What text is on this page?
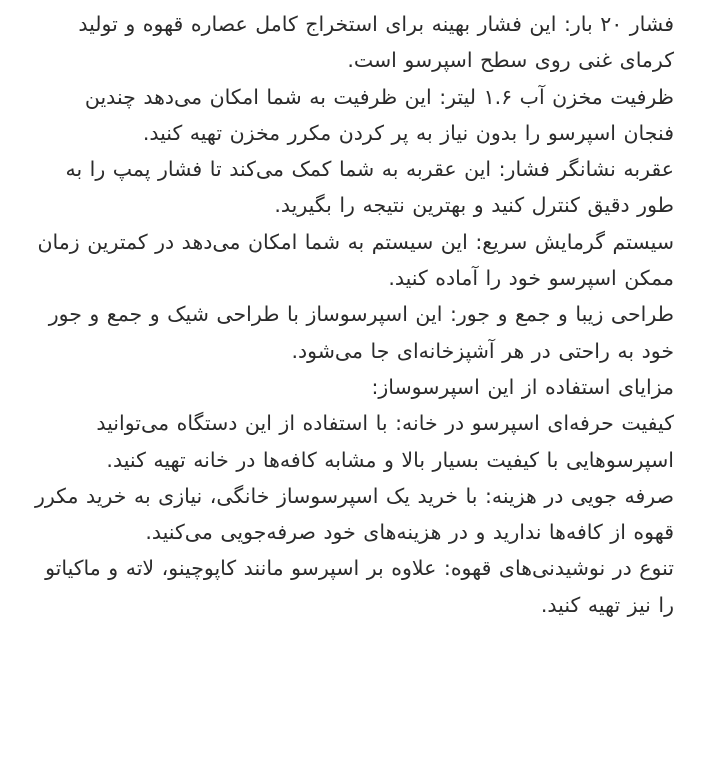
فشار ۲۰ بار: این فشار بهینه برای استخراج کامل عصاره قهوه و تولید کرمای غنی روی سطح اسپرسو است.

ظرفیت مخزن آب ۱.۶ لیتر: این ظرفیت به شما امکان می‌دهد چندین فنجان اسپرسو را بدون نیاز به پر کردن مکرر مخزن تهیه کنید.

عقربه نشانگر فشار: این عقربه به شما کمک می‌کند تا فشار پمپ را به طور دقیق کنترل کنید و بهترین نتیجه را بگیرید.

سیستم گرمایش سریع: این سیستم به شما امکان می‌دهد در کمترین زمان ممکن اسپرسو خود را آماده کنید.

طراحی زیبا و جمع و جور: این اسپرسوساز با طراحی شیک و جمع و جور خود به راحتی در هر آشپزخانه‌ای جا می‌شود.

مزایای استفاده از این اسپرسوساز:

کیفیت حرفه‌ای اسپرسو در خانه: با استفاده از این دستگاه می‌توانید اسپرسوهایی با کیفیت بسیار بالا و مشابه کافه‌ها در خانه تهیه کنید.

صرفه جویی در هزینه: با خرید یک اسپرسوساز خانگی، نیازی به خرید مکرر قهوه از کافه‌ها ندارید و در هزینه‌های خود صرفه‌جویی می‌کنید.

تنوع در نوشیدنی‌های قهوه: علاوه بر اسپرسو مانند کاپوچینو، لاته و ماکیاتو را نیز تهیه کنید.
